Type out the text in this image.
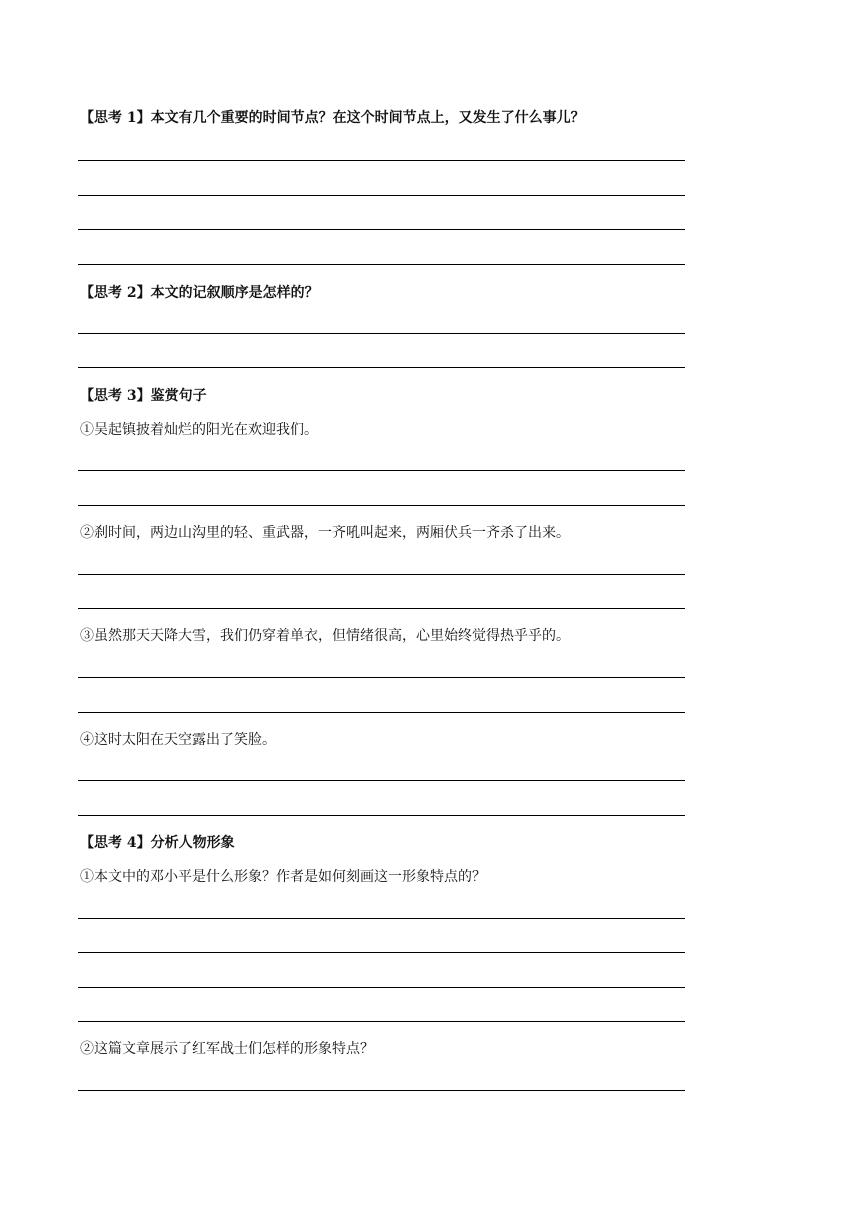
【思考 1】本文有几个重要的时间节点？在这个时间节点上，又发生了什么事儿？
【思考 2】本文的记叙顺序是怎样的？
【思考 3】鉴赏句子
①吴起镇披着灿烂的阳光在欢迎我们。
②刹时间，两边山沟里的轻、重武器，一齐吼叫起来，两厢伏兵一齐杀了出来。
③虽然那天天降大雪，我们仍穿着单衣，但情绪很高，心里始终觉得热乎乎的。
④这时太阳在天空露出了笑脸。
【思考 4】分析人物形象
①本文中的邓小平是什么形象？作者是如何刻画这一形象特点的？
②这篇文章展示了红军战士们怎样的形象特点？
